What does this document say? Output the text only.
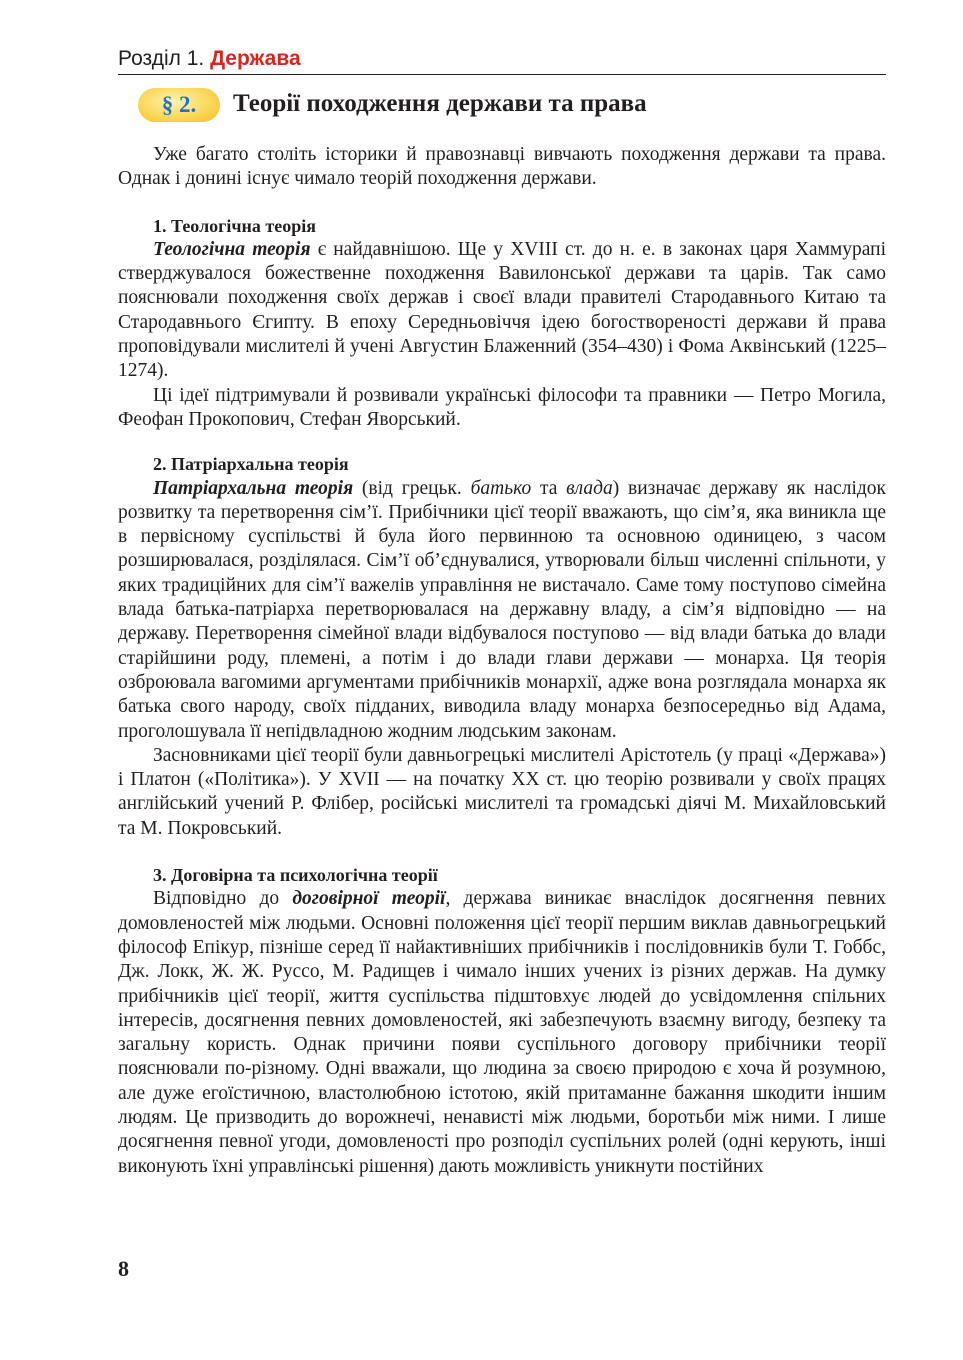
Розділ 1. Держава
§ 2.	Теорії походження держави та права

Уже багато століть історики й правознавці вивчають походження держави та права. Однак і донині існує чимало теорій походження держави.

1. Теологічна теорія

Теологічна теорія є найдавнішою. Ще у XVIII ст. до н. е. в законах царя Хаммурапі стверджувалося божественне походження Вавилонської держави та царів. Так само пояснювали походження своїх держав і своєї влади правителі Стародавнього Китаю та Стародавнього Єгипту. В епоху Середньовіччя ідею богоствореності держави й права проповідували мислителі й учені Августин Блаженний (354–430) і Фома Аквінський (1225–1274).

Ці ідеї підтримували й розвивали українські філософи та правники — Петро Могила, Феофан Прокопович, Стефан Яворський.

2. Патріархальна теорія

Патріархальна теорія (від грецьк. батько та влада) визначає державу як наслідок розвитку та перетворення сім’ї. Прибічники цієї теорії вважають, що сім’я, яка виникла ще в первісному суспільстві й була його первинною та основною одиницею, з часом розширювалася, розділялася. Сім’ї об’єднувалися, утворювали більш численні спільноти, у яких традиційних для сім’ї важелів управління не вистачало. Саме тому поступово сімейна влада батька-патріарха перетворювалася на державну владу, а сім’я відповідно — на державу. Перетворення сімейної влади відбувалося поступово — від влади батька до влади старійшини роду, племені, а потім і до влади глави держави — монарха. Ця теорія озброювала вагомими аргументами прибічників монархії, адже вона розглядала монарха як батька свого народу, своїх підданих, виводила владу монарха безпосередньо від Адама, проголошувала її непідвладною жодним людським законам.

Засновниками цієї теорії були давньогрецькі мислителі Арістотель (у праці «Держава») і Платон («Політика»). У XVII — на початку XX ст. цю теорію розвивали у своїх працях англійський учений Р. Флібер, російські мислителі та громадські діячі М. Михайловський та М. Покровський.

3. Договірна та психологічна теорії

Відповідно до договірної теорії, держава виникає внаслідок досягнення певних домовленостей між людьми. Основні положення цієї теорії першим виклав давньогрецький філософ Епікур, пізніше серед її найактивніших прибічників і послідовників були Т. Гоббс, Дж. Локк, Ж. Ж. Руссо, М. Радищев і чимало інших учених із різних держав. На думку прибічників цієї теорії, життя суспільства підштовхує людей до усвідомлення спільних інтересів, досягнення певних домовленостей, які забезпечують взаємну вигоду, безпеку та загальну користь. Однак причини появи суспільного договору прибічники теорії пояснювали по-різному. Одні вважали, що людина за своєю природою є хоча й розумною, але дуже егоїстичною, властолюбною істотою, якій притаманне бажання шкодити іншим людям. Це призводить до ворожнечі, ненависті між людьми, боротьби між ними. І лише досягнення певної угоди, домовленості про розподіл суспільних ролей (одні керують, інші виконують їхні управлінські рішення) дають можливість уникнути постійних

8
